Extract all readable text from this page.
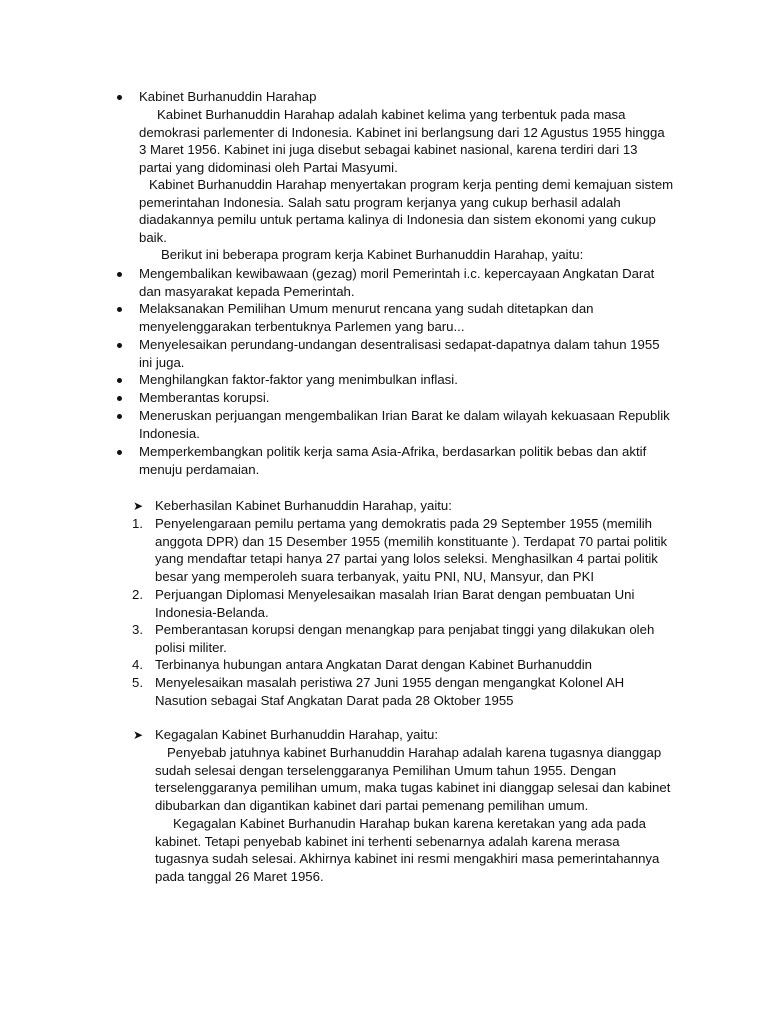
Kabinet Burhanuddin Harahap
Kabinet Burhanuddin Harahap adalah kabinet kelima yang terbentuk pada masa demokrasi parlementer di Indonesia. Kabinet ini berlangsung dari 12 Agustus 1955 hingga 3 Maret 1956. Kabinet ini juga disebut sebagai kabinet nasional, karena terdiri dari 13 partai yang didominasi oleh Partai Masyumi.
Kabinet Burhanuddin Harahap menyertakan program kerja penting demi kemajuan sistem pemerintahan Indonesia. Salah satu program kerjanya yang cukup berhasil adalah diadakannya pemilu untuk pertama kalinya di Indonesia dan sistem ekonomi yang cukup baik.
Berikut ini beberapa program kerja Kabinet Burhanuddin Harahap, yaitu:
Mengembalikan kewibawaan (gezag) moril Pemerintah i.c. kepercayaan Angkatan Darat dan masyarakat kepada Pemerintah.
Melaksanakan Pemilihan Umum menurut rencana yang sudah ditetapkan dan menyelenggarakan terbentuknya Parlemen yang baru...
Menyelesaikan perundang-undangan desentralisasi sedapat-dapatnya dalam tahun 1955 ini juga.
Menghilangkan faktor-faktor yang menimbulkan inflasi.
Memberantas korupsi.
Meneruskan perjuangan mengembalikan Irian Barat ke dalam wilayah kekuasaan Republik Indonesia.
Memperkembangkan politik kerja sama Asia-Afrika, berdasarkan politik bebas dan aktif menuju perdamaian.
➤ Keberhasilan Kabinet Burhanuddin Harahap, yaitu:
1. Penyelengaraan pemilu pertama yang demokratis pada 29 September 1955 (memilih anggota DPR) dan 15 Desember 1955 (memilih konstituante ). Terdapat 70 partai politik yang mendaftar tetapi hanya 27 partai yang lolos seleksi. Menghasilkan 4 partai politik besar yang memperoleh suara terbanyak, yaitu PNI, NU, Mansyur, dan PKI
2. Perjuangan Diplomasi Menyelesaikan masalah Irian Barat dengan pembuatan Uni Indonesia-Belanda.
3. Pemberantasan korupsi dengan menangkap para penjabat tinggi yang dilakukan oleh polisi militer.
4. Terbinanya hubungan antara Angkatan Darat dengan Kabinet Burhanuddin
5. Menyelesaikan masalah peristiwa 27 Juni 1955 dengan mengangkat Kolonel AH Nasution sebagai Staf Angkatan Darat pada 28 Oktober 1955
➤ Kegagalan Kabinet Burhanuddin Harahap, yaitu:
Penyebab jatuhnya kabinet Burhanuddin Harahap adalah karena tugasnya dianggap sudah selesai dengan terselenggaranya Pemilihan Umum tahun 1955. Dengan terselenggaranya pemilihan umum, maka tugas kabinet ini dianggap selesai dan kabinet dibubarkan dan digantikan kabinet dari partai pemenang pemilihan umum.
Kegagalan Kabinet Burhanudin Harahap bukan karena keretakan yang ada pada kabinet. Tetapi penyebab kabinet ini terhenti sebenarnya adalah karena merasa tugasnya sudah selesai. Akhirnya kabinet ini resmi mengakhiri masa pemerintahannya pada tanggal 26 Maret 1956.
